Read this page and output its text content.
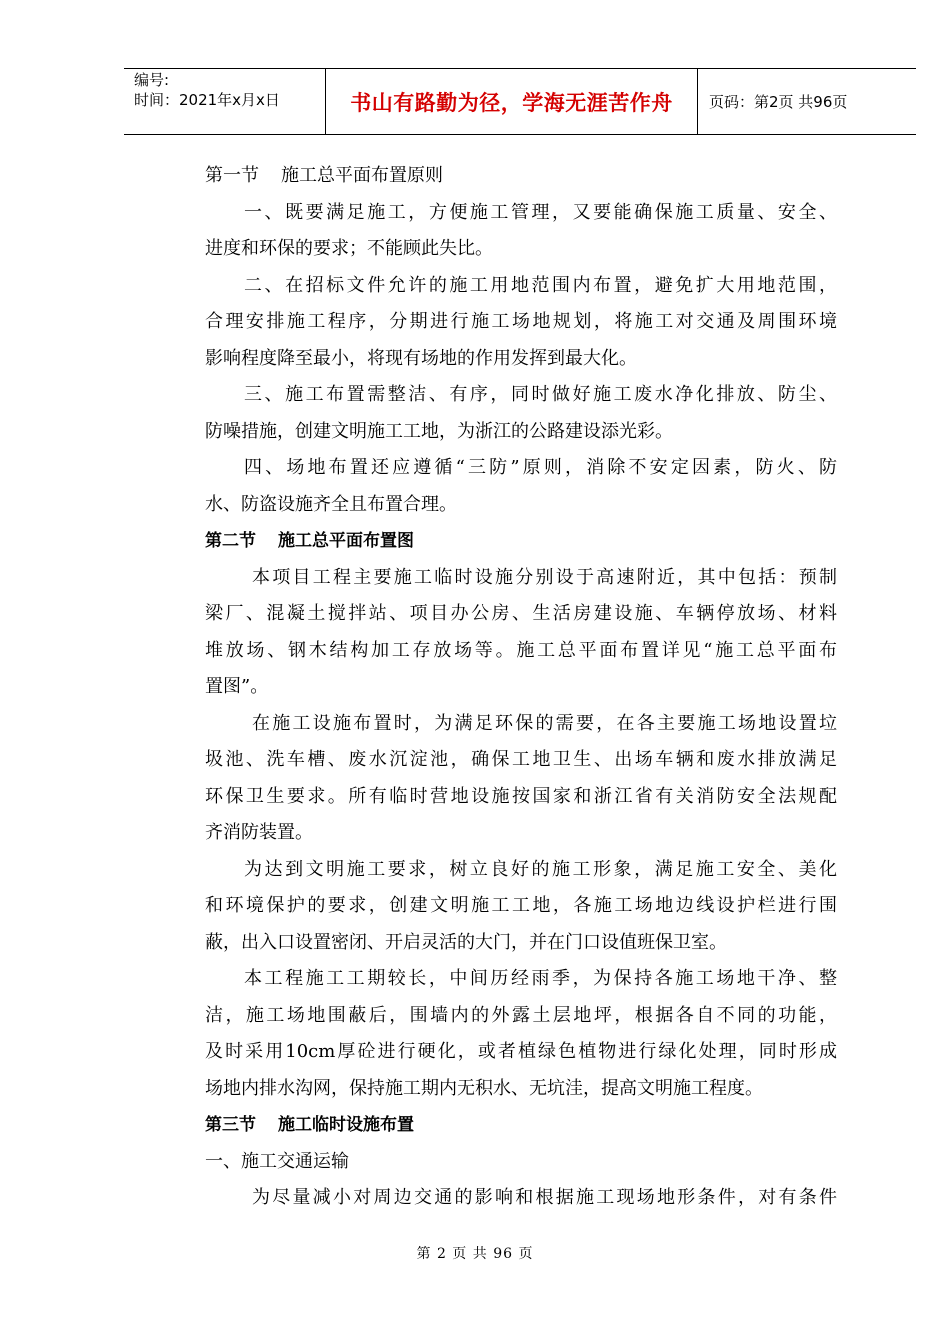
编号:
时间：2021年x月x日	书山有路勤为径，学海无涯苦作舟	页码：第2页 共96页
第一节 施工总平面布置原则
一、既要满足施工，方便施工管理，又要能确保施工质量、安全、
进度和环保的要求；不能顾此失比。
二、在招标文件允许的施工用地范围内布置，避免扩大用地范围，
合理安排施工程序，分期进行施工场地规划，将施工对交通及周围环境
影响程度降至最小，将现有场地的作用发挥到最大化。
三、施工布置需整洁、有序，同时做好施工废水净化排放、防尘、
防噪措施，创建文明施工工地，为浙江的公路建设添光彩。
四、场地布置还应遵循“三防”原则，消除不安定因素，防火、防
水、防盗设施齐全且布置合理。
第二节 施工总平面布置图
本项目工程主要施工临时设施分别设于高速附近，其中包括：预制
梁厂、混凝土搅拌站、项目办公房、生活房建设施、车辆停放场、材料
堆放场、钢木结构加工存放场等。施工总平面布置详见“施工总平面布
置图”。
在施工设施布置时，为满足环保的需要，在各主要施工场地设置垃
圾池、洗车槽、废水沉淀池，确保工地卫生、出场车辆和废水排放满足
环保卫生要求。所有临时营地设施按国家和浙江省有关消防安全法规配
齐消防装置。
为达到文明施工要求，树立良好的施工形象，满足施工安全、美化
和环境保护的要求，创建文明施工工地，各施工场地边线设护栏进行围
蔽，出入口设置密闭、开启灵活的大门，并在门口设值班保卫室。
本工程施工工期较长，中间历经雨季，为保持各施工场地干净、整
洁，施工场地围蔽后，围墙内的外露土层地坪，根据各自不同的功能，
及时采用10cm厚砼进行硬化，或者植绿色植物进行绿化处理，同时形成
场地内排水沟网，保持施工期内无积水、无坑洼，提高文明施工程度。
第三节 施工临时设施布置
一、施工交通运输
为尽量减小对周边交通的影响和根据施工现场地形条件，对有条件
第 2 页 共 96 页
